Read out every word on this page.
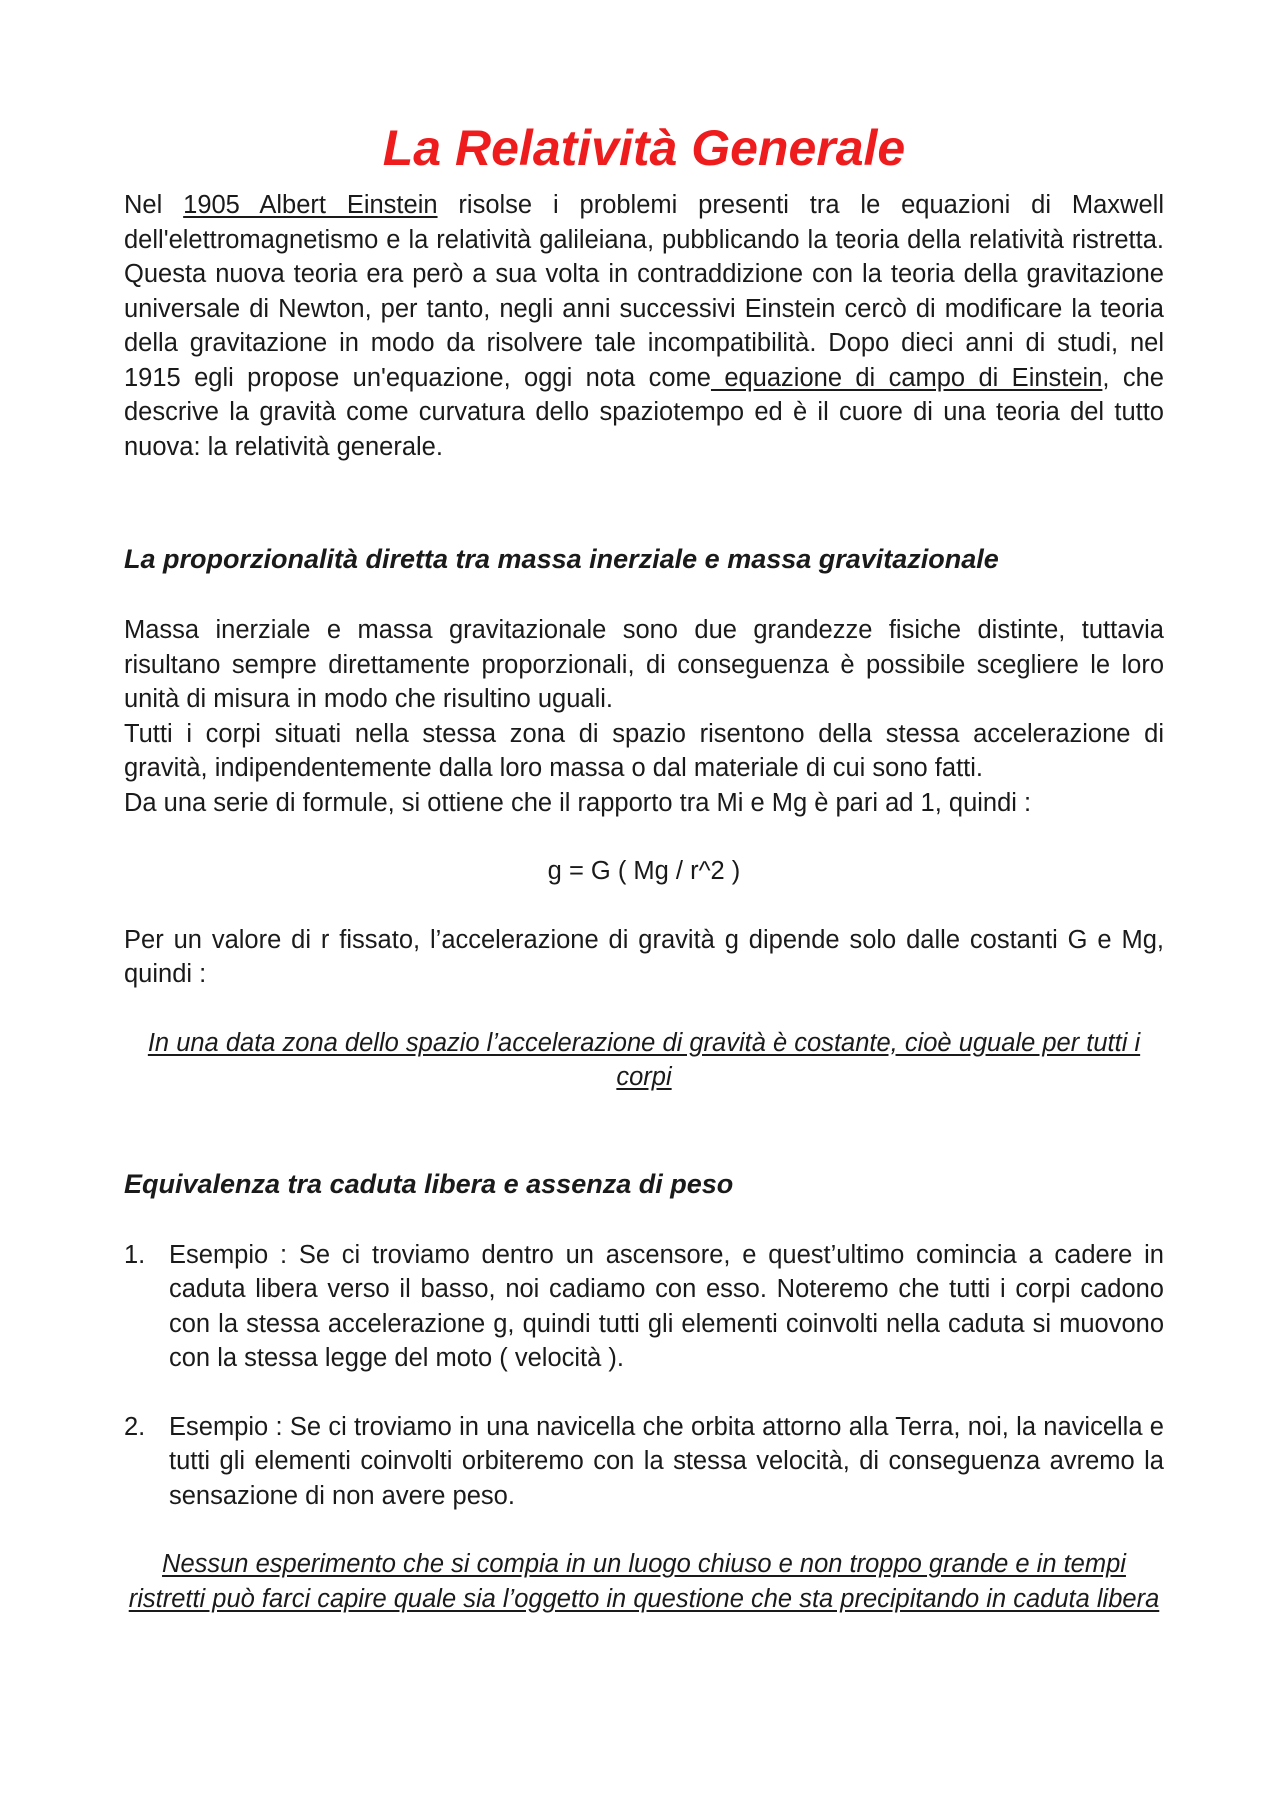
La Relatività Generale

Nel 1905 Albert Einstein risolse i problemi presenti tra le equazioni di Maxwell dell'elettromagnetismo e la relatività galileiana, pubblicando la teoria della relatività ristretta. Questa nuova teoria era però a sua volta in contraddizione con la teoria della gravitazione universale di Newton, per tanto, negli anni successivi Einstein cercò di modificare la teoria della gravitazione in modo da risolvere tale incompatibilità. Dopo dieci anni di studi, nel 1915 egli propose un'equazione, oggi nota come equazione di campo di Einstein, che descrive la gravità come curvatura dello spaziotempo ed è il cuore di una teoria del tutto nuova: la relatività generale.

La proporzionalità diretta tra massa inerziale e massa gravitazionale

Massa inerziale e massa gravitazionale sono due grandezze fisiche distinte, tuttavia risultano sempre direttamente proporzionali, di conseguenza è possibile scegliere le loro unità di misura in modo che risultino uguali.

Tutti i corpi situati nella stessa zona di spazio risentono della stessa accelerazione di gravità, indipendentemente dalla loro massa o dal materiale di cui sono fatti.

Da una serie di formule, si ottiene che il rapporto tra Mi e Mg è pari ad 1, quindi :

g = G ( Mg / r^2 )

Per un valore di r fissato, l’accelerazione di gravità g dipende solo dalle costanti G e Mg, quindi :

In una data zona dello spazio l’accelerazione di gravità è costante, cioè uguale per tutti i corpi

Equivalenza tra caduta libera e assenza di peso
1. Esempio : Se ci troviamo dentro un ascensore, e quest’ultimo comincia a cadere in caduta libera verso il basso, noi cadiamo con esso. Noteremo che tutti i corpi cadono con la stessa accelerazione g, quindi tutti gli elementi coinvolti nella caduta si muovono con la stessa legge del moto ( velocità ).
2. Esempio : Se ci troviamo in una navicella che orbita attorno alla Terra, noi, la navicella e tutti gli elementi coinvolti orbiteremo con la stessa velocità, di conseguenza avremo la sensazione di non avere peso.

Nessun esperimento che si compia in un luogo chiuso e non troppo grande e in tempi ristretti può farci capire quale sia l’oggetto in questione che sta precipitando in caduta libera
